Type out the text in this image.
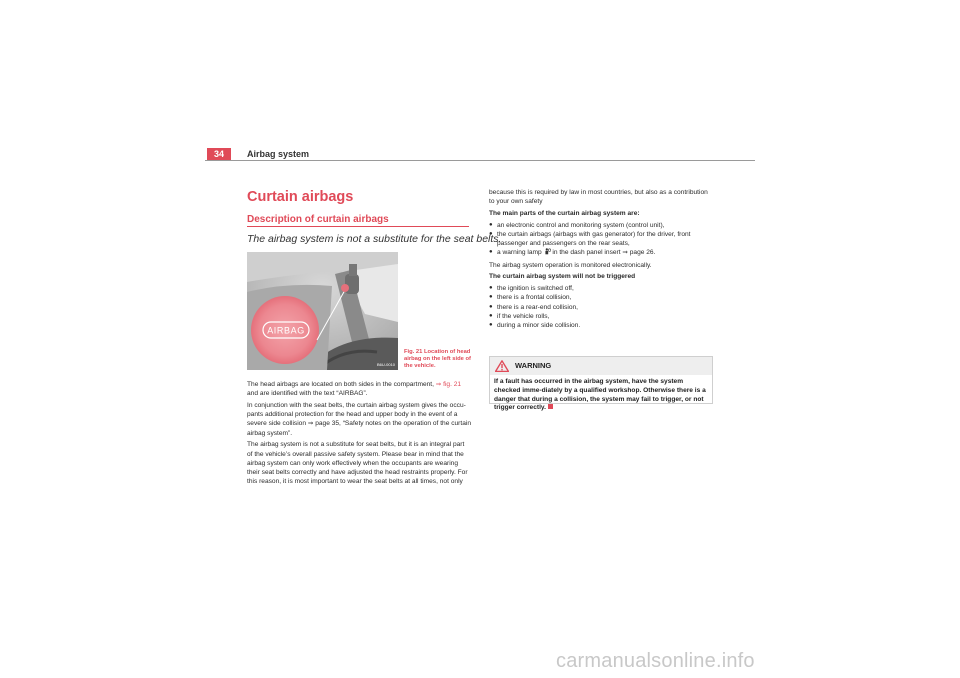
34	Airbag system
Curtain airbags
Description of curtain airbags
The airbag system is not a substitute for the seat belts.
AIRBAG
B6U-0010
Fig. 21 Location of head airbag on the left side of the vehicle.

The head airbags are located on both sides in the compartment, ⇒ fig. 21 and are identified with the text “AIRBAG”.

In conjunction with the seat belts, the curtain airbag system gives the occu-pants additional protection for the head and upper body in the event of a severe side collision ⇒ page 35, “Safety notes on the operation of the curtain airbag system”.

The airbag system is not a substitute for seat belts, but it is an integral part of the vehicle’s overall passive safety system. Please bear in mind that the airbag system can only work effectively when the occupants are wearing their seat belts correctly and have adjusted the head restraints properly. For this reason, it is most important to wear the seat belts at all times, not only

because this is required by law in most countries, but also as a contribution to your own safety

The main parts of the curtain airbag system are:

● an electronic control and monitoring system (control unit),
● the curtain airbags (airbags with gas generator) for the driver, front passenger and passengers on the rear seats,
● a warning lamp  in the dash panel insert ⇒ page 26.

The airbag system operation is monitored electronically.

The curtain airbag system will not be triggered

● the ignition is switched off,
● there is a frontal collision,
● there is a rear-end collision,
● if the vehicle rolls,
● during a minor side collision.
WARNING
If a fault has occurred in the airbag system, have the system checked imme-diately by a qualified workshop. Otherwise there is a danger that during a collision, the system may fail to trigger, or not trigger correctly.
carmanualsonline.info
